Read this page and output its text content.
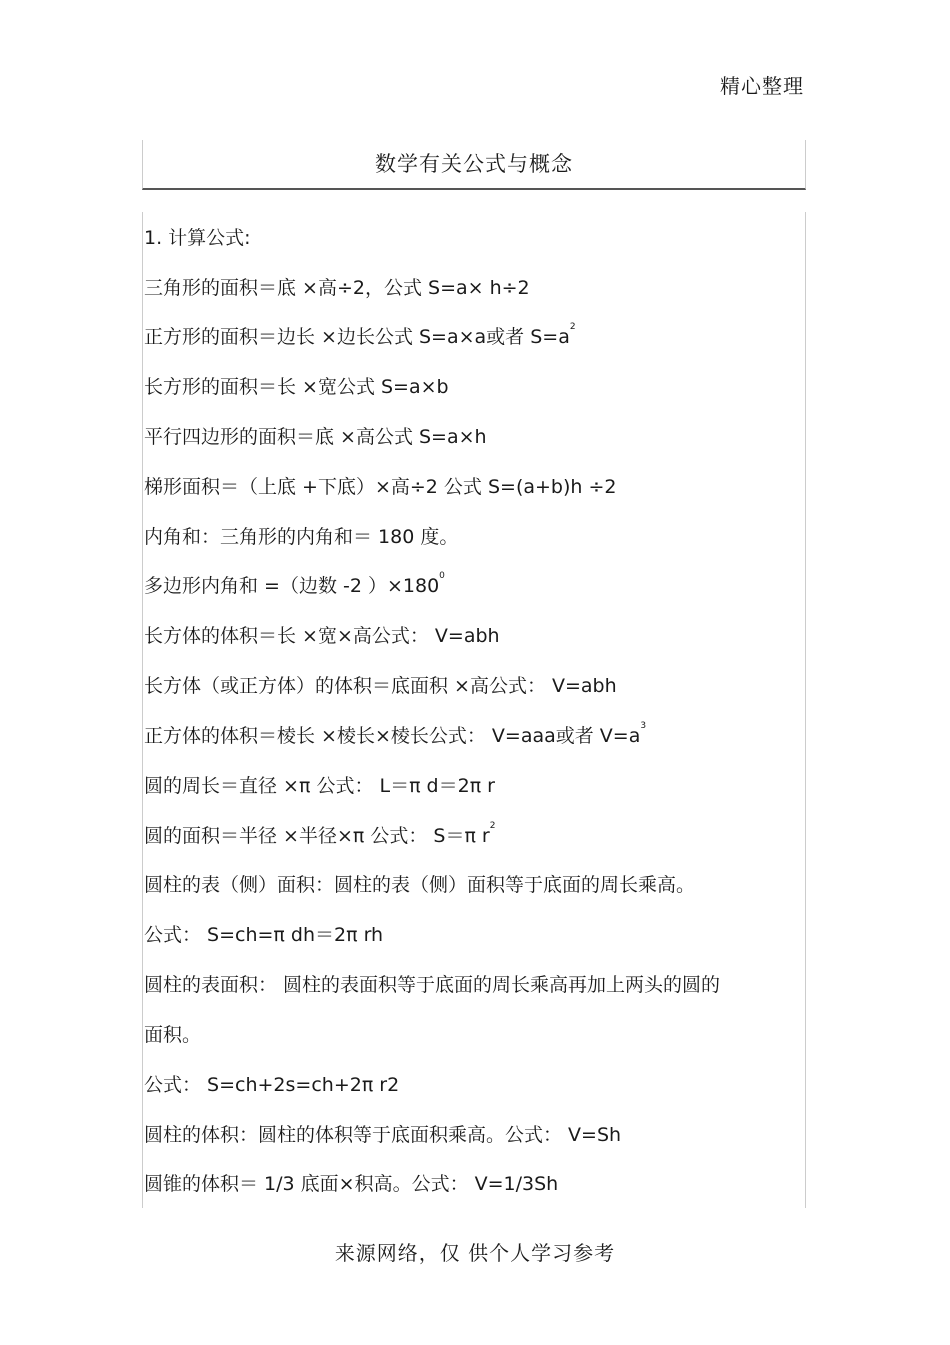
精心整理
数学有关公式与概念
1. 计算公式:
三角形的面积＝底 ×高÷2，公式 S=a× h÷2
正方形的面积＝边长 ×边长公式 S=a×a或者 $S=a^2$
长方形的面积＝长 ×宽公式 S=a×b
平行四边形的面积＝底 ×高公式 S=a×h
梯形面积＝（上底 +下底）×高÷2 公式 S=(a+b)h ÷2
内角和：三角形的内角和＝ 180 度。
多边形内角和 =（边数 -2 ）$\times 180^0$
长方体的体积＝长 ×宽×高公式： V=abh
长方体（或正方体）的体积＝底面积 ×高公式： V=abh
正方体的体积＝棱长 ×棱长×棱长公式： V=aaa或者 $V=a^3$
圆的周长＝直径 ×π 公式： L＝π d＝2π r
圆的面积＝半径 ×半径×π 公式： S＝π $r^2$
圆柱的表（侧）面积：圆柱的表（侧）面积等于底面的周长乘高。
公式： S=ch=π dh＝2π rh
圆柱的表面积： 圆柱的表面积等于底面的周长乘高再加上两头的圆的
面积。
公式： S=ch+2s=ch+2π r2
圆柱的体积：圆柱的体积等于底面积乘高。公式： V=Sh
圆锥的体积＝ 1/3 底面×积高。公式： V=1/3Sh
来源网络，仅 供个人学习参考
